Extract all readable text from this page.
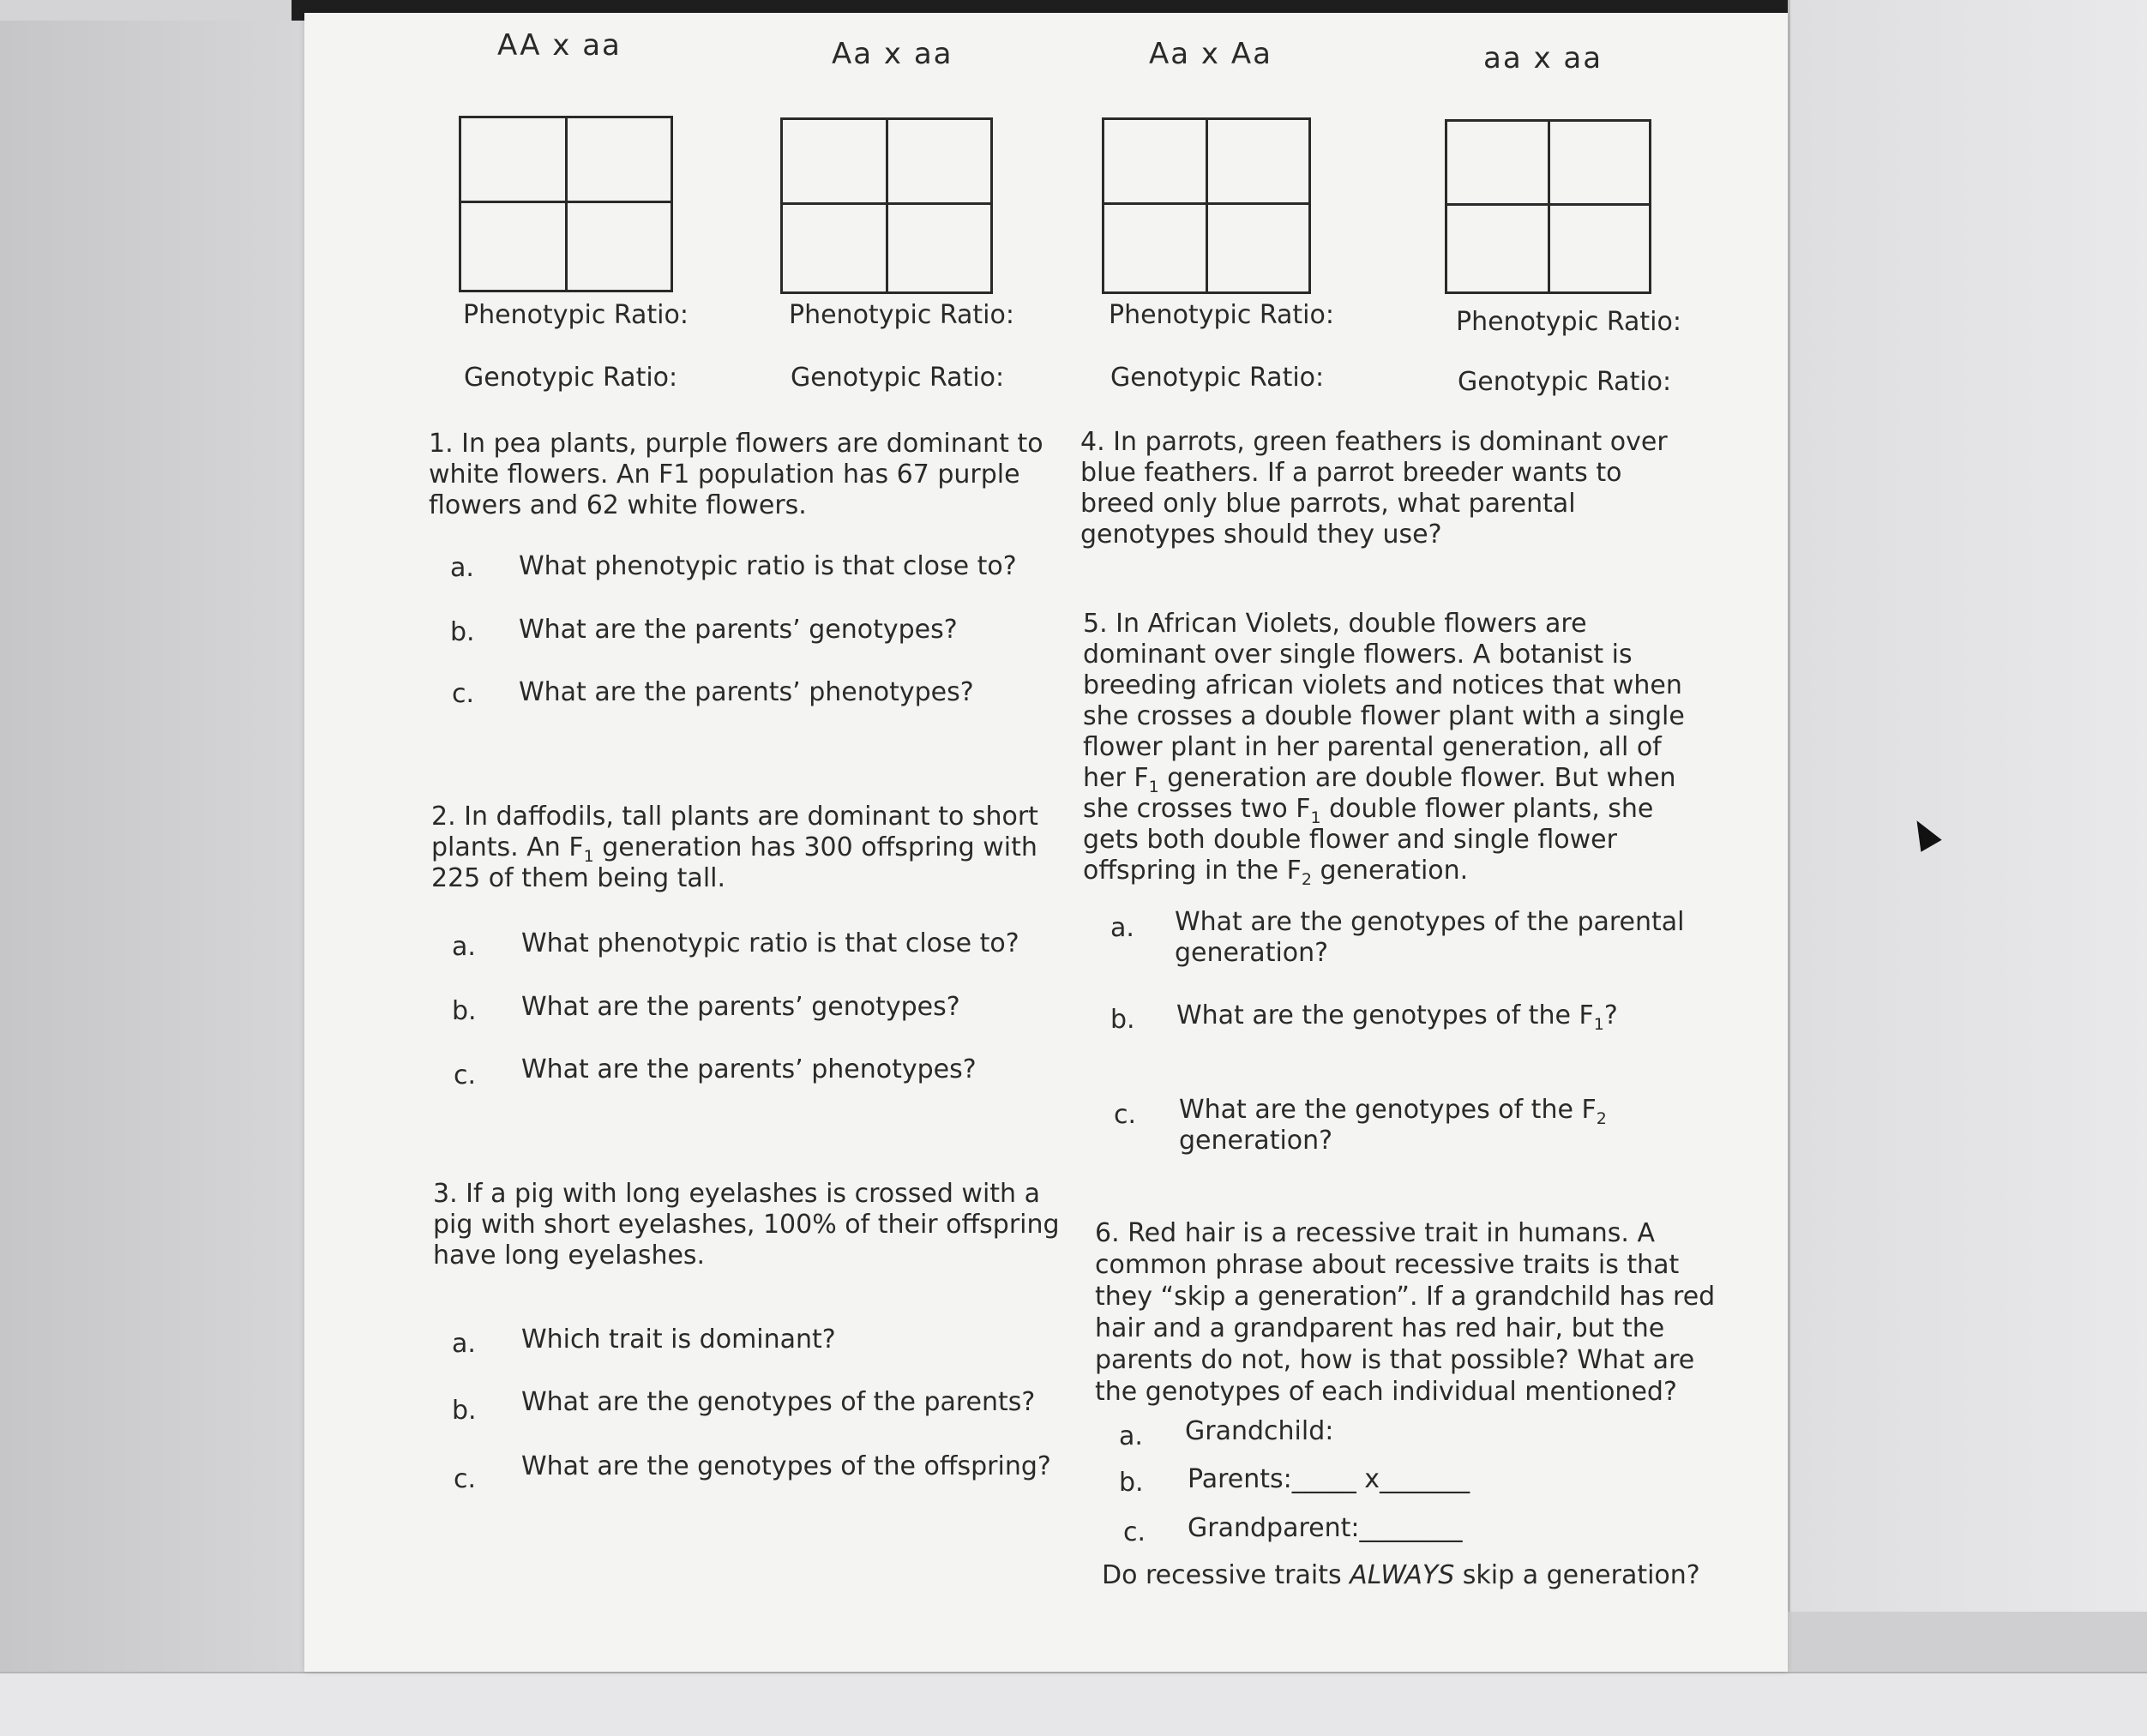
AA x aa	Aa x aa	Aa x Aa	aa x aa
Phenotypic Ratio:	Phenotypic Ratio:	Phenotypic Ratio:	Phenotypic Ratio:
Genotypic Ratio:	Genotypic Ratio:	Genotypic Ratio:	Genotypic Ratio:
1. In pea plants, purple flowers are dominant to
white flowers. An F1 population has 67 purple
flowers and 62 white flowers.
a. What phenotypic ratio is that close to?
b. What are the parents’ genotypes?
c. What are the parents’ phenotypes?
2. In daffodils, tall plants are dominant to short
plants. An $F_1$ generation has 300 offspring with
225 of them being tall.
a. What phenotypic ratio is that close to?
b. What are the parents’ genotypes?
c. What are the parents’ phenotypes?
3. If a pig with long eyelashes is crossed with a
pig with short eyelashes, 100% of their offspring
have long eyelashes.
a. Which trait is dominant?
b. What are the genotypes of the parents?
c. What are the genotypes of the offspring?
4. In parrots, green feathers is dominant over
blue feathers. If a parrot breeder wants to
breed only blue parrots, what parental
genotypes should they use?
5. In African Violets, double flowers are
dominant over single flowers. A botanist is
breeding african violets and notices that when
she crosses a double flower plant with a single
flower plant in her parental generation, all of
her $F_1$ generation are double flower. But when
she crosses two $F_1$ double flower plants, she
gets both double flower and single flower
offspring in the $F_2$ generation.
a. What are the genotypes of the parental
generation?
b. What are the genotypes of the $F_1$?
c. What are the genotypes of the $F_2$
generation?
6. Red hair is a recessive trait in humans. A
common phrase about recessive traits is that
they “skip a generation”. If a grandchild has red
hair and a grandparent has red hair, but the
parents do not, how is that possible? What are
the genotypes of each individual mentioned?
a. Grandchild:
b. Parents:_____ x_______
c. Grandparent:________
Do recessive traits ALWAYS skip a generation?
